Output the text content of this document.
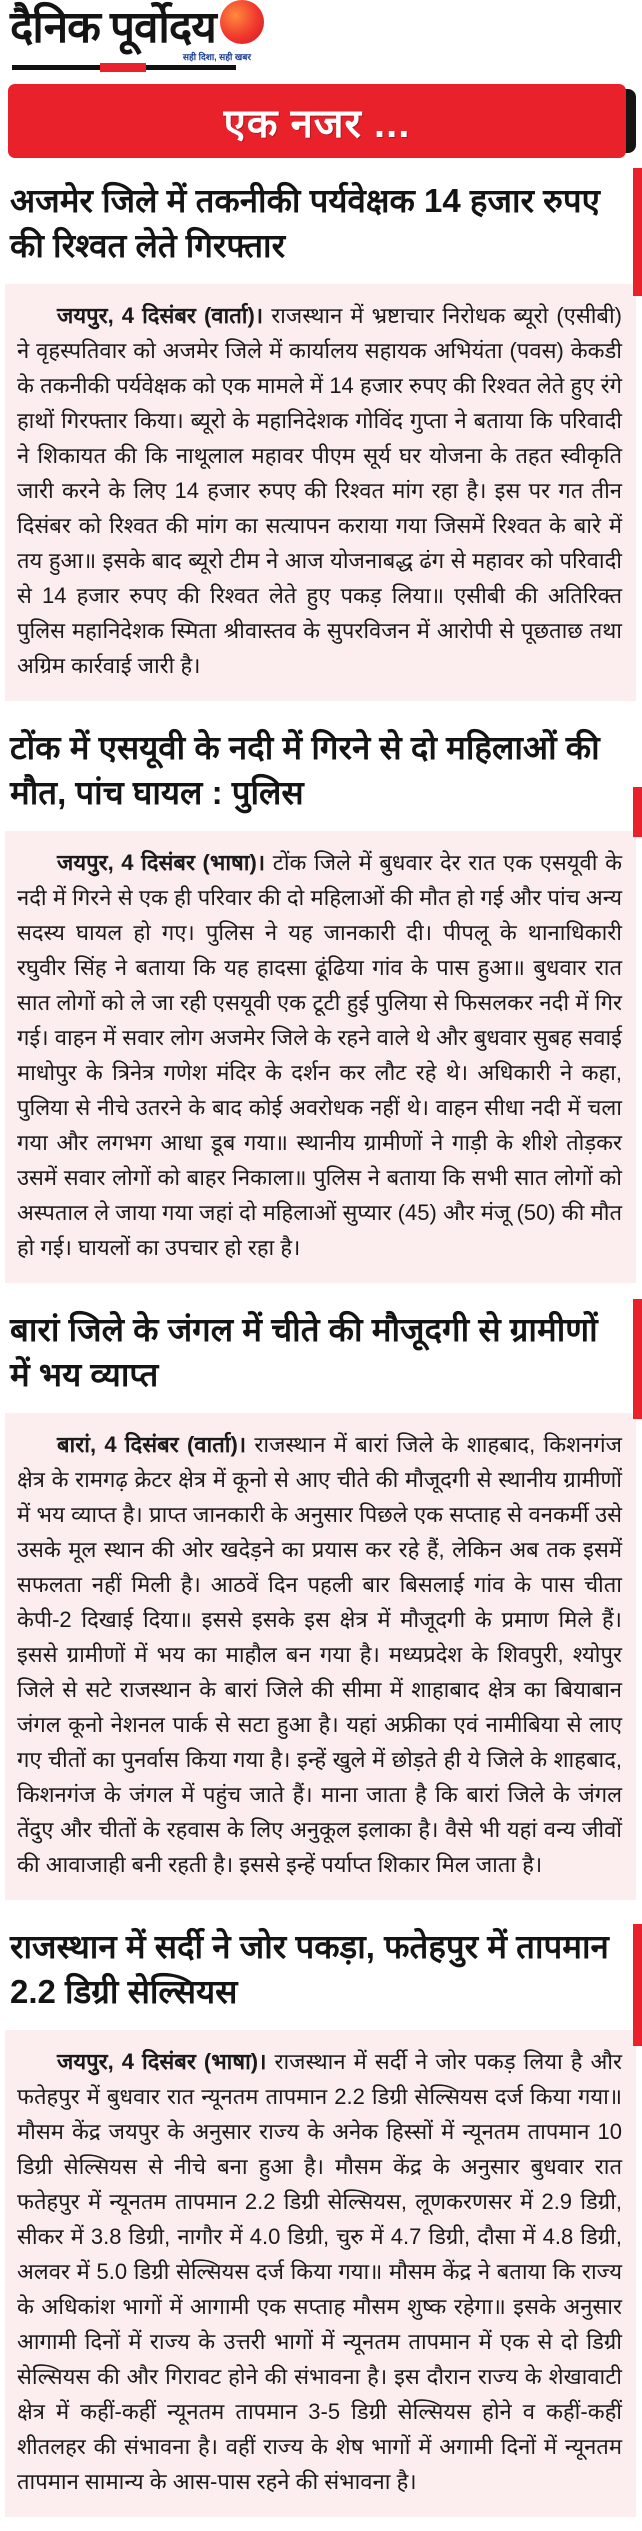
दैनिक पूर्वोदय
सही दिशा, सही खबर
एक नजर ...
अजमेर जिले में तकनीकी पर्यवेक्षक 14 हजार रुपए की रिश्वत लेते गिरफ्तार

जयपुर, 4 दिसंबर (वार्ता)। राजस्थान में भ्रष्टाचार निरोधक ब्यूरो (एसीबी) ने वृहस्पतिवार को अजमेर जिले में कार्यालय सहायक अभियंता (पवस) केकडी के तकनीकी पर्यवेक्षक को एक मामले में 14 हजार रुपए की रिश्वत लेते हुए रंगे हाथों गिरफ्तार किया। ब्यूरो के महानिदेशक गोविंद गुप्ता ने बताया कि परिवादी ने शिकायत की कि नाथूलाल महावर पीएम सूर्य घर योजना के तहत स्वीकृति जारी करने के लिए 14 हजार रुपए की रिश्वत मांग रहा है। इस पर गत तीन दिसंबर को रिश्वत की मांग का सत्यापन कराया गया जिसमें रिश्वत के बारे में तय हुआ॥ इसके बाद ब्यूरो टीम ने आज योजनाबद्ध ढंग से महावर को परिवादी से 14 हजार रुपए की रिश्वत लेते हुए पकड़ लिया॥ एसीबी की अतिरिक्त पुलिस महानिदेशक स्मिता श्रीवास्तव के सुपरविजन में आरोपी से पूछताछ तथा अग्रिम कार्रवाई जारी है।

टोंक में एसयूवी के नदी में गिरने से दो महिलाओं की मौत, पांच घायल : पुलिस

जयपुर, 4 दिसंबर (भाषा)। टोंक जिले में बुधवार देर रात एक एसयूवी के नदी में गिरने से एक ही परिवार की दो महिलाओं की मौत हो गई और पांच अन्य सदस्य घायल हो गए। पुलिस ने यह जानकारी दी। पीपलू के थानाधिकारी रघुवीर सिंह ने बताया कि यह हादसा ढूंढिया गांव के पास हुआ॥ बुधवार रात सात लोगों को ले जा रही एसयूवी एक टूटी हुई पुलिया से फिसलकर नदी में गिर गई। वाहन में सवार लोग अजमेर जिले के रहने वाले थे और बुधवार सुबह सवाई माधोपुर के त्रिनेत्र गणेश मंदिर के दर्शन कर लौट रहे थे। अधिकारी ने कहा, पुलिया से नीचे उतरने के बाद कोई अवरोधक नहीं थे। वाहन सीधा नदी में चला गया और लगभग आधा डूब गया॥ स्थानीय ग्रामीणों ने गाड़ी के शीशे तोड़कर उसमें सवार लोगों को बाहर निकाला॥ पुलिस ने बताया कि सभी सात लोगों को अस्पताल ले जाया गया जहां दो महिलाओं सुप्यार (45) और मंजू (50) की मौत हो गई। घायलों का उपचार हो रहा है।

बारां जिले के जंगल में चीते की मौजूदगी से ग्रामीणों में भय व्याप्त

बारां, 4 दिसंबर (वार्ता)। राजस्थान में बारां जिले के शाहबाद, किशनगंज क्षेत्र के रामगढ़ क्रेटर क्षेत्र में कूनो से आए चीते की मौजूदगी से स्थानीय ग्रामीणों में भय व्याप्त है। प्राप्त जानकारी के अनुसार पिछले एक सप्ताह से वनकर्मी उसे उसके मूल स्थान की ओर खदेड़ने का प्रयास कर रहे हैं, लेकिन अब तक इसमें सफलता नहीं मिली है। आठवें दिन पहली बार बिसलाई गांव के पास चीता केपी-2 दिखाई दिया॥ इससे इसके इस क्षेत्र में मौजूदगी के प्रमाण मिले हैं। इससे ग्रामीणों में भय का माहौल बन गया है। मध्यप्रदेश के शिवपुरी, श्योपुर जिले से सटे राजस्थान के बारां जिले की सीमा में शाहाबाद क्षेत्र का बियाबान जंगल कूनो नेशनल पार्क से सटा हुआ है। यहां अफ्रीका एवं नामीबिया से लाए गए चीतों का पुनर्वास किया गया है। इन्हें खुले में छोड़ते ही ये जिले के शाहबाद, किशनगंज के जंगल में पहुंच जाते हैं। माना जाता है कि बारां जिले के जंगल तेंदुए और चीतों के रहवास के लिए अनुकूल इलाका है। वैसे भी यहां वन्य जीवों की आवाजाही बनी रहती है। इससे इन्हें पर्याप्त शिकार मिल जाता है।

राजस्थान में सर्दी ने जोर पकड़ा, फतेहपुर में तापमान 2.2 डिग्री सेल्सियस

जयपुर, 4 दिसंबर (भाषा)। राजस्थान में सर्दी ने जोर पकड़ लिया है और फतेहपुर में बुधवार रात न्यूनतम तापमान 2.2 डिग्री सेल्सियस दर्ज किया गया॥ मौसम केंद्र जयपुर के अनुसार राज्य के अनेक हिस्सों में न्यूनतम तापमान 10 डिग्री सेल्सियस से नीचे बना हुआ है। मौसम केंद्र के अनुसार बुधवार रात फतेहपुर में न्यूनतम तापमान 2.2 डिग्री सेल्सियस, लूणकरणसर में 2.9 डिग्री, सीकर में 3.8 डिग्री, नागौर में 4.0 डिग्री, चुरु में 4.7 डिग्री, दौसा में 4.8 डिग्री, अलवर में 5.0 डिग्री सेल्सियस दर्ज किया गया॥ मौसम केंद्र ने बताया कि राज्य के अधिकांश भागों में आगामी एक सप्ताह मौसम शुष्क रहेगा॥ इसके अनुसार आगामी दिनों में राज्य के उत्तरी भागों में न्यूनतम तापमान में एक से दो डिग्री सेल्सियस की और गिरावट होने की संभावना है। इस दौरान राज्य के शेखावाटी क्षेत्र में कहीं-कहीं न्यूनतम तापमान 3-5 डिग्री सेल्सियस होने व कहीं-कहीं शीतलहर की संभावना है। वहीं राज्य के शेष भागों में अगामी दिनों में न्यूनतम तापमान सामान्य के आस-पास रहने की संभावना है।
